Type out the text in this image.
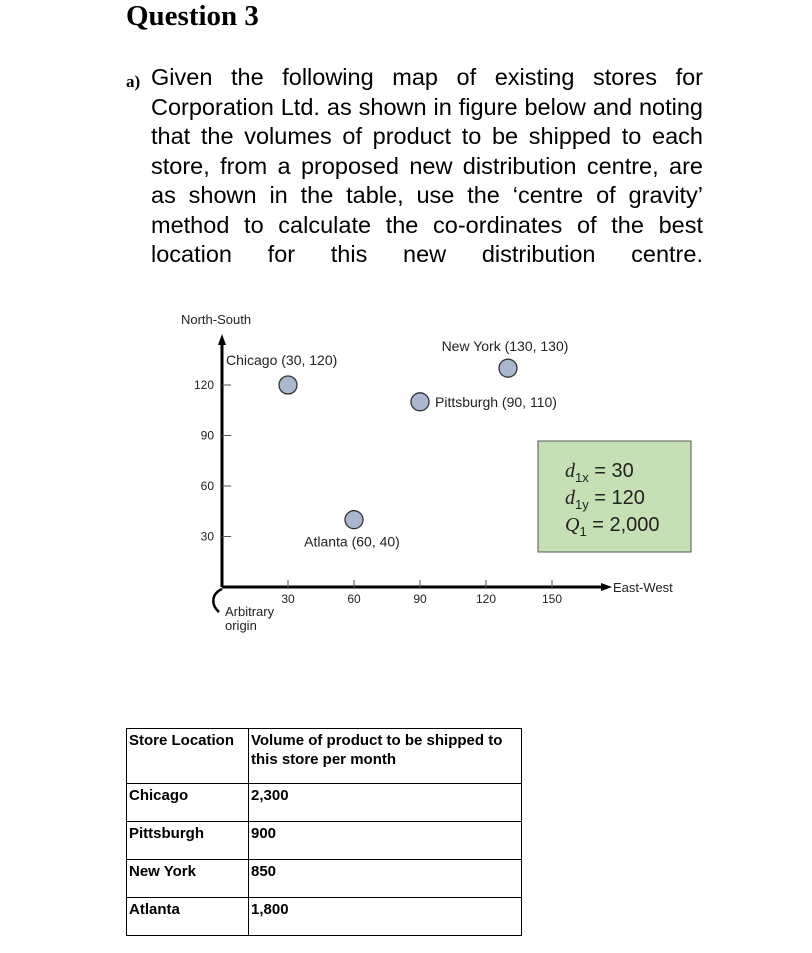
Question 3
a) Given the following map of existing stores for Corporation Ltd. as shown in figure below and noting that the volumes of product to be shipped to each store, from a proposed new distribution centre, are as shown in the table, use the ‘centre of gravity’ method to calculate the co-ordinates of the best location for this new distribution centre.

North-South
East-West
30	60	90	120	150
30
60
90
120
Arbitrary
origin
Chicago (30, 120)
New York (130, 130)
Pittsburgh (90, 110)
Atlanta (60, 40)
$d_{1x} = 30$
$d_{1y} = 120$
$Q_1 = 2,000$
Store Location	Volume of product to be shipped to this store per month
Chicago	2,300
Pittsburgh	900
New York	850
Atlanta	1,800
